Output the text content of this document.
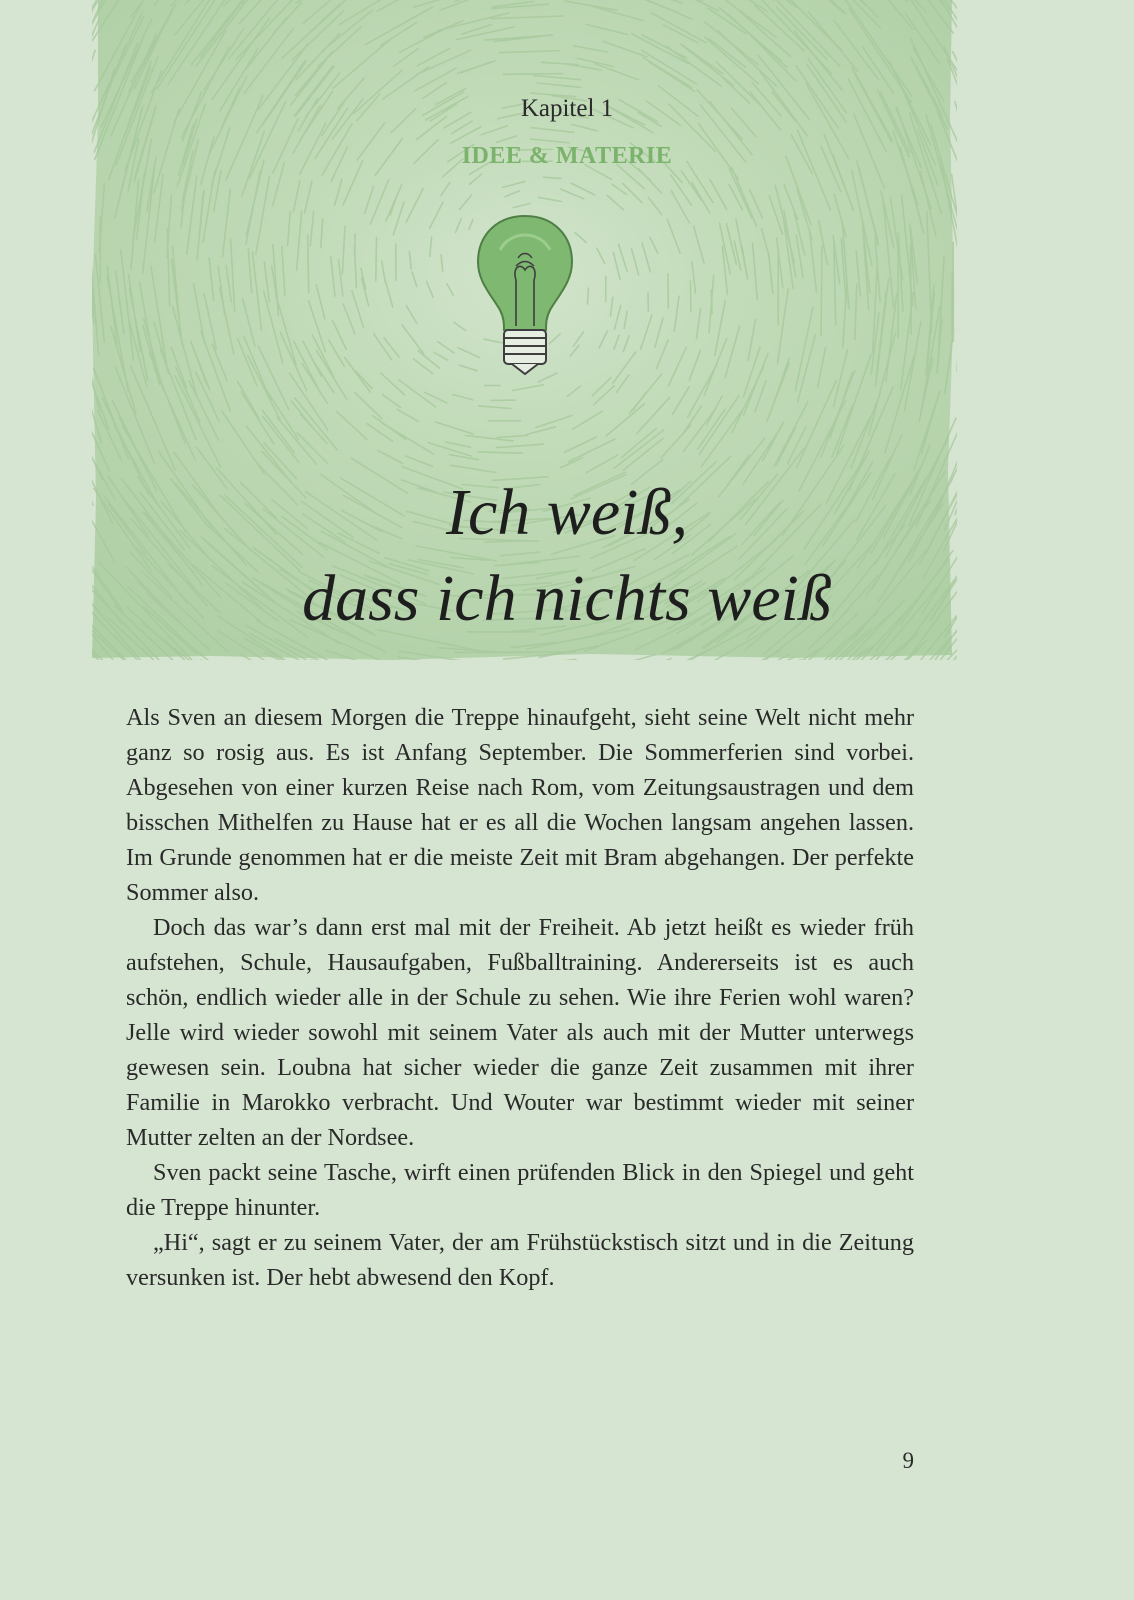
Kapitel 1
IDEE & MATERIE
Ich weiß,
dass ich nichts weiß

Als Sven an diesem Morgen die Treppe hinaufgeht, sieht seine Welt nicht mehr ganz so rosig aus. Es ist Anfang September. Die Sommerferien sind vorbei. Abgesehen von einer kurzen Reise nach Rom, vom Zeitungsaustragen und dem bisschen Mithelfen zu Hause hat er es all die Wochen langsam angehen lassen. Im Grunde genommen hat er die meiste Zeit mit Bram abgehangen. Der perfekte Sommer also.

Doch das war’s dann erst mal mit der Freiheit. Ab jetzt heißt es wieder früh aufstehen, Schule, Hausaufgaben, Fußballtraining. Andererseits ist es auch schön, endlich wieder alle in der Schule zu sehen. Wie ihre Ferien wohl waren? Jelle wird wieder sowohl mit seinem Vater als auch mit der Mutter unterwegs gewesen sein. Loubna hat sicher wieder die ganze Zeit zusammen mit ihrer Familie in Marokko verbracht. Und Wouter war bestimmt wieder mit seiner Mutter zelten an der Nordsee.

Sven packt seine Tasche, wirft einen prüfenden Blick in den Spiegel und geht die Treppe hinunter.

„Hi“, sagt er zu seinem Vater, der am Frühstückstisch sitzt und in die Zeitung versunken ist. Der hebt abwesend den Kopf.

9
